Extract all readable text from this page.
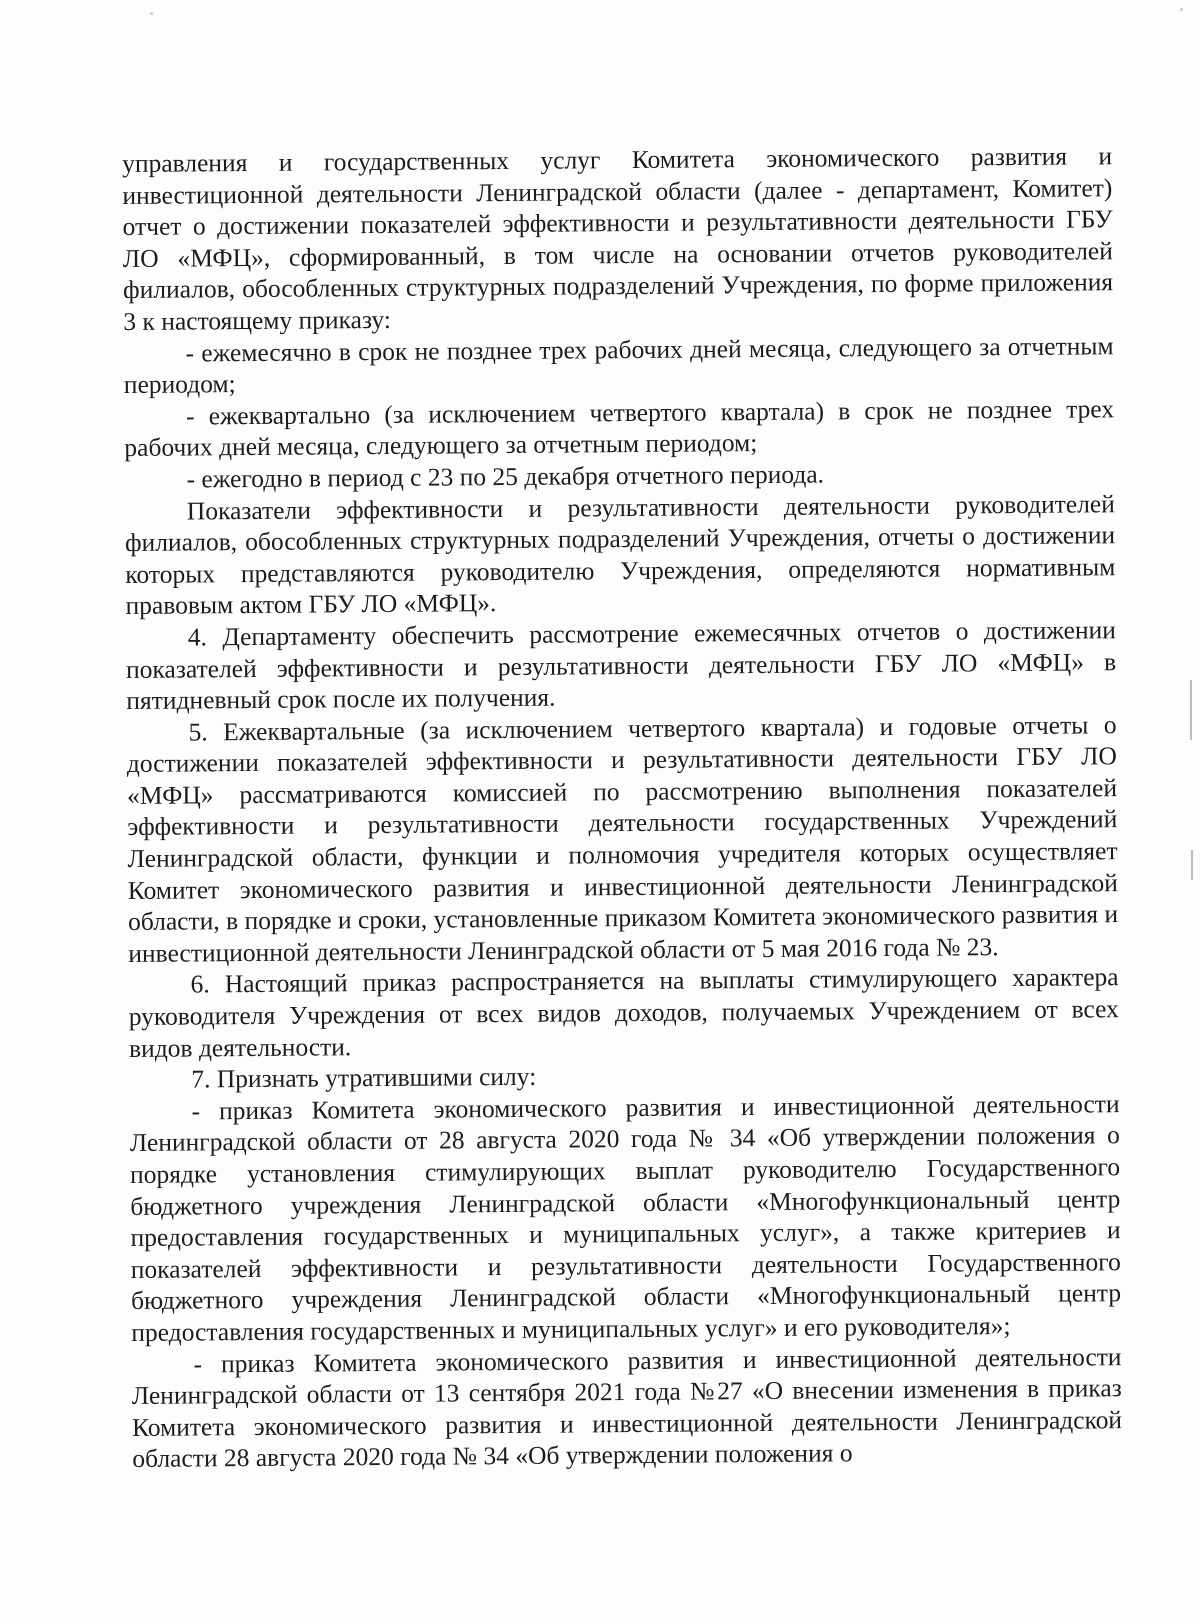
управления и государственных услуг Комитета экономического развития и инвестиционной деятельности Ленинградской области (далее - департамент, Комитет) отчет о достижении показателей эффективности и результативности деятельности ГБУ ЛО «МФЦ», сформированный, в том числе на основании отчетов руководителей филиалов, обособленных структурных подразделений Учреждения, по форме приложения 3 к настоящему приказу:

- ежемесячно в срок не позднее трех рабочих дней месяца, следующего за отчетным периодом;

- ежеквартально (за исключением четвертого квартала) в срок не позднее трех рабочих дней месяца, следующего за отчетным периодом;

- ежегодно в период с 23 по 25 декабря отчетного периода.

Показатели эффективности и результативности деятельности руководителей филиалов, обособленных структурных подразделений Учреждения, отчеты о достижении которых представляются руководителю Учреждения, определяются нормативным правовым актом ГБУ ЛО «МФЦ».

4. Департаменту обеспечить рассмотрение ежемесячных отчетов о достижении показателей эффективности и результативности деятельности ГБУ ЛО «МФЦ» в пятидневный срок после их получения.

5. Ежеквартальные (за исключением четвертого квартала) и годовые отчеты о достижении показателей эффективности и результативности деятельности ГБУ ЛО «МФЦ» рассматриваются комиссией по рассмотрению выполнения показателей эффективности и результативности деятельности государственных Учреждений Ленинградской области, функции и полномочия учредителя которых осуществляет Комитет экономического развития и инвестиционной деятельности Ленинградской области, в порядке и сроки, установленные приказом Комитета экономического развития и инвестиционной деятельности Ленинградской области от 5 мая 2016 года № 23.

6. Настоящий приказ распространяется на выплаты стимулирующего характера руководителя Учреждения от всех видов доходов, получаемых Учреждением от всех видов деятельности.

7. Признать утратившими силу:

- приказ Комитета экономического развития и инвестиционной деятельности Ленинградской области от 28 августа 2020 года № 34 «Об утверждении положения о порядке установления стимулирующих выплат руководителю Государственного бюджетного учреждения Ленинградской области «Многофункциональный центр предоставления государственных и муниципальных услуг», а также критериев и показателей эффективности и результативности деятельности Государственного бюджетного учреждения Ленинградской области «Многофункциональный центр предоставления государственных и муниципальных услуг» и его руководителя»;

- приказ Комитета экономического развития и инвестиционной деятельности Ленинградской области от 13 сентября 2021 года №27 «О внесении изменения в приказ Комитета экономического развития и инвестиционной деятельности Ленинградской области 28 августа 2020 года № 34 «Об утверждении положения о
